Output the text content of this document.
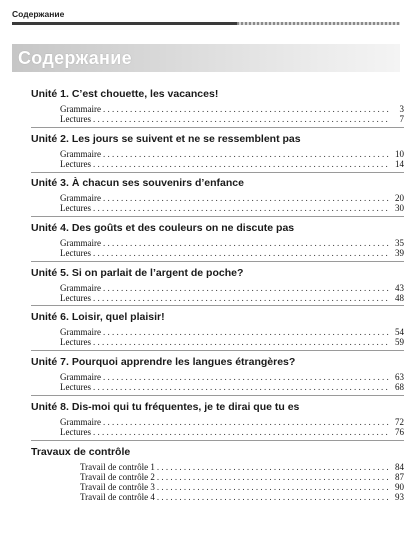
Содержание
Содержание
Unité 1. C’est chouette, les vacances!
Grammaire . . .	3
Lectures . . .	7
Unité 2. Les jours se suivent et ne se ressemblent pas
Grammaire . . .	10
Lectures . . .	14
Unité 3. À chacun ses souvenirs d’enfance
Grammaire . . .	20
Lectures . . .	30
Unité 4. Des goûts et des couleurs on ne discute pas
Grammaire . . .	35
Lectures . . .	39
Unité 5. Si on parlait de l’argent de poche?
Grammaire . . .	43
Lectures . . .	48
Unité 6. Loisir, quel plaisir!
Grammaire . . .	54
Lectures . . .	59
Unité 7. Pourquoi apprendre les langues étrangères?
Grammaire . . .	63
Lectures . . .	68
Unité 8. Dis-moi qui tu fréquentes, je te dirai que tu es
Grammaire . . .	72
Lectures . . .	76
Travaux de contrôle
Travail de contrôle 1 . . .	84
Travail de contrôle 2 . . .	87
Travail de contrôle 3 . . .	90
Travail de contrôle 4 . . .	93
